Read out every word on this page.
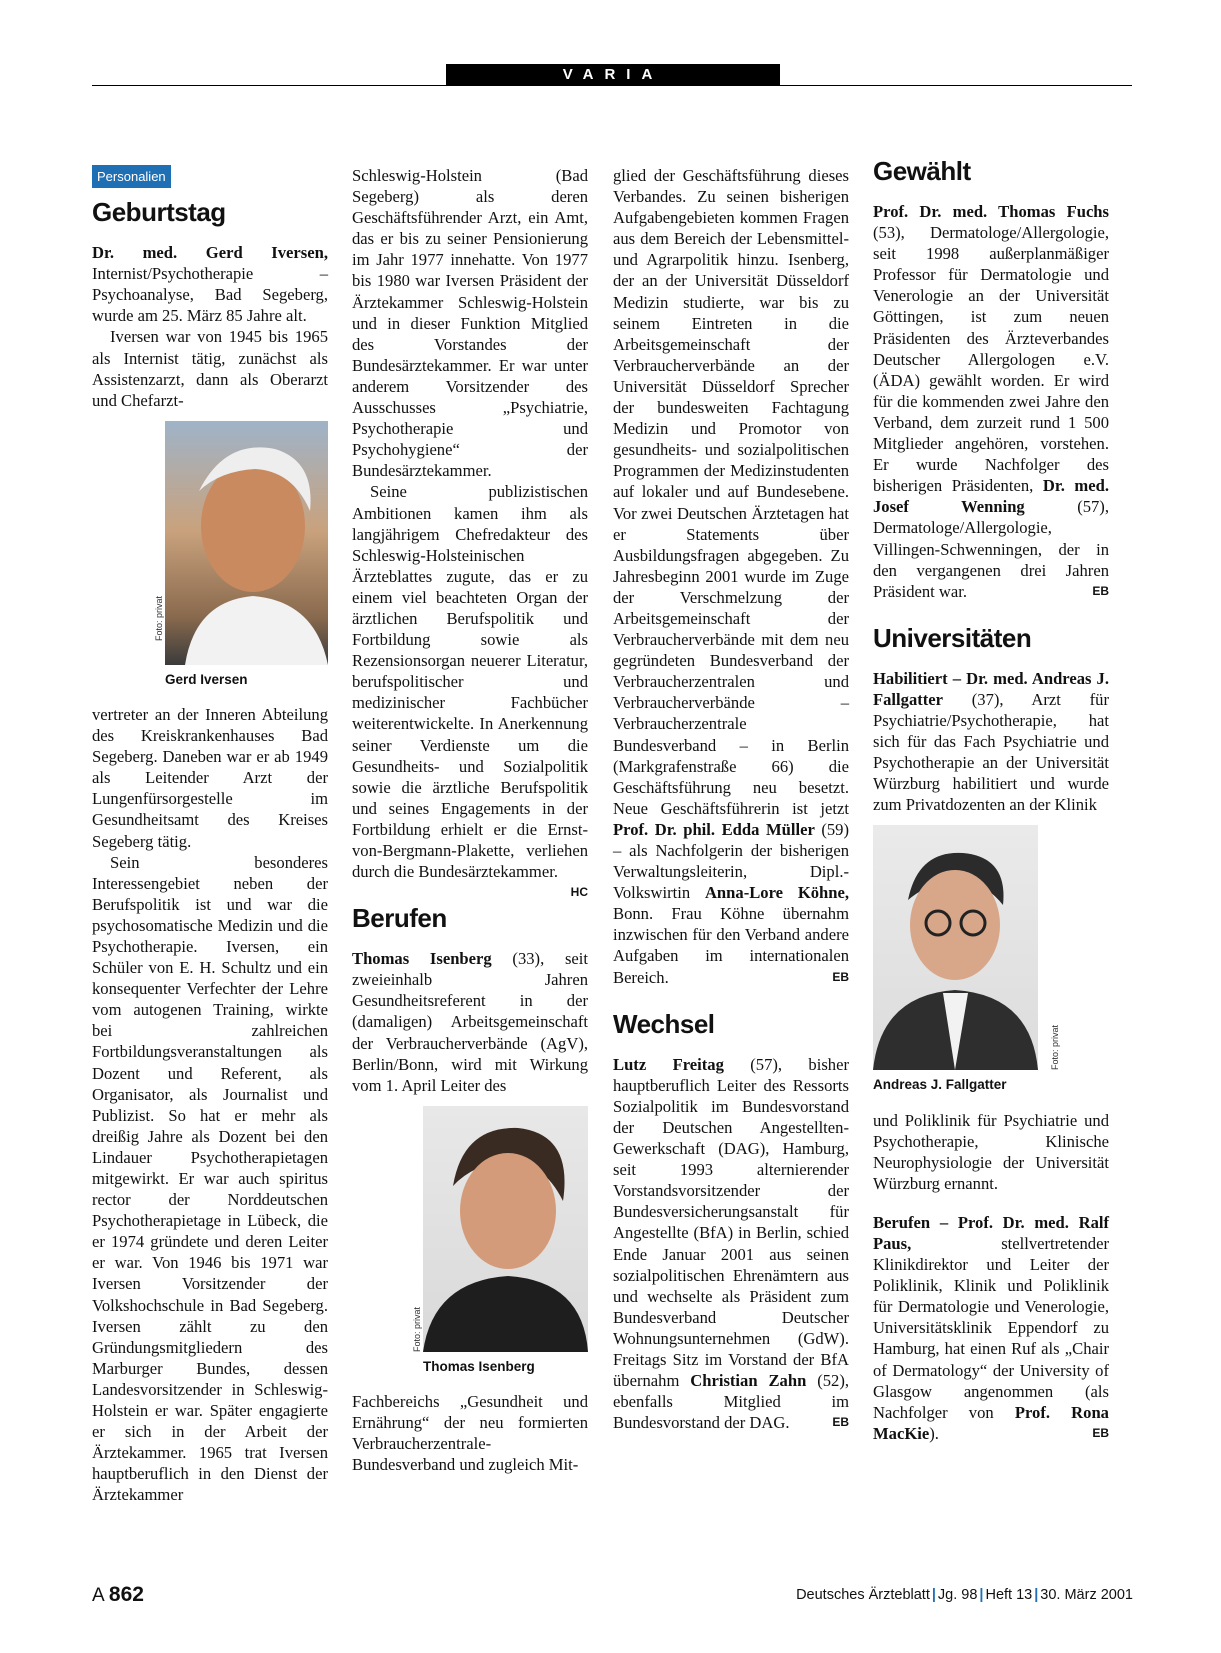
VARIA
Personalien
Geburtstag

Dr. med. Gerd Iversen, Internist/Psychotherapie – Psychoanalyse, Bad Segeberg, wurde am 25. März 85 Jahre alt.

Iversen war von 1945 bis 1965 als Internist tätig, zunächst als Assistenzarzt, dann als Oberarzt und Chefarzt-

Foto: privat
Gerd Iversen

vertreter an der Inneren Abteilung des Kreiskrankenhauses Bad Segeberg. Daneben war er ab 1949 als Leitender Arzt der Lungenfürsorgestelle im Gesundheitsamt des Kreises Segeberg tätig.

Sein besonderes Interessengebiet neben der Berufspolitik ist und war die psychosomatische Medizin und die Psychotherapie. Iversen, ein Schüler von E. H. Schultz und ein konsequenter Verfechter der Lehre vom autogenen Training, wirkte bei zahlreichen Fortbildungsveranstaltungen als Dozent und Referent, als Organisator, als Journalist und Publizist. So hat er mehr als dreißig Jahre als Dozent bei den Lindauer Psychotherapietagen mitgewirkt. Er war auch spiritus rector der Norddeutschen Psychotherapietage in Lübeck, die er 1974 gründete und deren Leiter er war. Von 1946 bis 1971 war Iversen Vorsitzender der Volkshochschule in Bad Segeberg. Iversen zählt zu den Gründungsmitgliedern des Marburger Bundes, dessen Landesvorsitzender in Schleswig-Holstein er war. Später engagierte er sich in der Arbeit der Ärztekammer. 1965 trat Iversen hauptberuflich in den Dienst der Ärztekammer

Schleswig-Holstein (Bad Segeberg) als deren Geschäftsführender Arzt, ein Amt, das er bis zu seiner Pensionierung im Jahr 1977 innehatte. Von 1977 bis 1980 war Iversen Präsident der Ärztekammer Schleswig-Holstein und in dieser Funktion Mitglied des Vorstandes der Bundesärztekammer. Er war unter anderem Vorsitzender des Ausschusses „Psychiatrie, Psychotherapie und Psychohygiene“ der Bundesärztekammer.

Seine publizistischen Ambitionen kamen ihm als langjährigem Chefredakteur des Schleswig-Holsteinischen Ärzteblattes zugute, das er zu einem viel beachteten Organ der ärztlichen Berufspolitik und Fortbildung sowie als Rezensionsorgan neuerer Literatur, berufspolitischer und medizinischer Fachbücher weiterentwickelte. In Anerkennung seiner Verdienste um die Gesundheits- und Sozialpolitik sowie die ärztliche Berufspolitik und seines Engagements in der Fortbildung erhielt er die Ernst-von-Bergmann-Plakette, verliehen durch die Bundesärztekammer.
HC

Berufen

Thomas Isenberg (33), seit zweieinhalb Jahren Gesundheitsreferent in der (damaligen) Arbeitsgemeinschaft der Verbraucherverbände (AgV), Berlin/Bonn, wird mit Wirkung vom 1. April Leiter des

Foto: privat
Thomas Isenberg

Fachbereichs „Gesundheit und Ernährung“ der neu formierten Verbraucherzentrale-Bundesverband und zugleich Mit-

glied der Geschäftsführung dieses Verbandes. Zu seinen bisherigen Aufgabengebieten kommen Fragen aus dem Bereich der Lebensmittel- und Agrarpolitik hinzu. Isenberg, der an der Universität Düsseldorf Medizin studierte, war bis zu seinem Eintreten in die Arbeitsgemeinschaft der Verbraucherverbände an der Universität Düsseldorf Sprecher der bundesweiten Fachtagung Medizin und Promotor von gesundheits- und sozialpolitischen Programmen der Medizinstudenten auf lokaler und auf Bundesebene. Vor zwei Deutschen Ärztetagen hat er Statements über Ausbildungsfragen abgegeben. Zu Jahresbeginn 2001 wurde im Zuge der Verschmelzung der Arbeitsgemeinschaft der Verbraucherverbände mit dem neu gegründeten Bundesverband der Verbraucherzentralen und Verbraucherverbände – Verbraucherzentrale Bundesverband – in Berlin (Markgrafenstraße 66) die Geschäftsführung neu besetzt. Neue Geschäftsführerin ist jetzt Prof. Dr. phil. Edda Müller (59) – als Nachfolgerin der bisherigen Verwaltungsleiterin, Dipl.-Volkswirtin Anna-Lore Köhne, Bonn. Frau Köhne übernahm inzwischen für den Verband andere Aufgaben im internationalen Bereich.	EB

Wechsel

Lutz Freitag (57), bisher hauptberuflich Leiter des Ressorts Sozialpolitik im Bundesvorstand der Deutschen Angestellten-Gewerkschaft (DAG), Hamburg, seit 1993 alternierender Vorstandsvorsitzender der Bundesversicherungsanstalt für Angestellte (BfA) in Berlin, schied Ende Januar 2001 aus seinen sozialpolitischen Ehrenämtern aus und wechselte als Präsident zum Bundesverband Deutscher Wohnungsunternehmen (GdW). Freitags Sitz im Vorstand der BfA übernahm Christian Zahn (52), ebenfalls Mitglied im Bundesvorstand der DAG.	EB

Gewählt

Prof. Dr. med. Thomas Fuchs (53), Dermatologe/Allergologie, seit 1998 außerplanmäßiger Professor für Dermatologie und Venerologie an der Universität Göttingen, ist zum neuen Präsidenten des Ärzteverbandes Deutscher Allergologen e.V. (ÄDA) gewählt worden. Er wird für die kommenden zwei Jahre den Verband, dem zurzeit rund 1 500 Mitglieder angehören, vorstehen. Er wurde Nachfolger des bisherigen Präsidenten, Dr. med. Josef Wenning (57), Dermatologe/Allergologie, Villingen-Schwenningen, der in den vergangenen drei Jahren Präsident war.	EB

Universitäten

Habilitiert – Dr. med. Andreas J. Fallgatter (37), Arzt für Psychiatrie/Psychotherapie, hat sich für das Fach Psychiatrie und Psychotherapie an der Universität Würzburg habilitiert und wurde zum Privatdozenten an der Klinik

Foto: privat
Andreas J. Fallgatter

und Poliklinik für Psychiatrie und Psychotherapie, Klinische Neurophysiologie der Universität Würzburg ernannt.

Berufen – Prof. Dr. med. Ralf Paus, stellvertretender Klinikdirektor und Leiter der Poliklinik, Klinik und Poliklinik für Dermatologie und Venerologie, Universitätsklinik Eppendorf zu Hamburg, hat einen Ruf als „Chair of Dermatology“ der University of Glasgow angenommen (als Nachfolger von Prof. Rona MacKie).	EB

A 862	Deutsches Ärzteblatt | Jg. 98 | Heft 13 | 30. März 2001
